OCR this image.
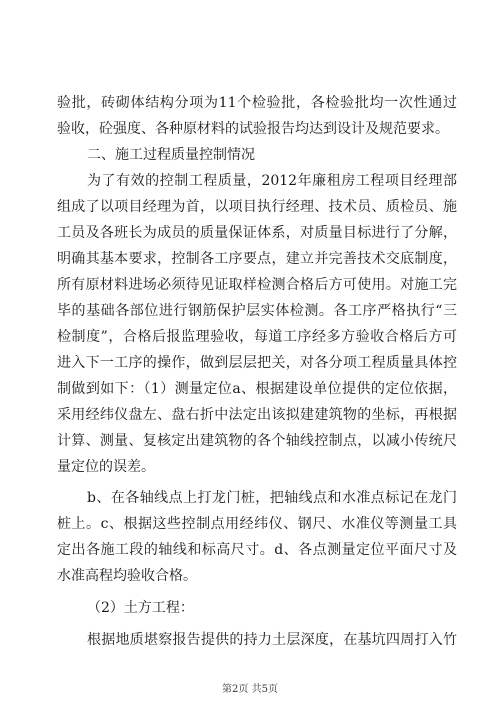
验批，砖砌体结构分项为11个检验批，各检验批均一次性通过
验收，砼强度、各种原材料的试验报告均达到设计及规范要求。
二、施工过程质量控制情况
为了有效的控制工程质量，2012年廉租房工程项目经理部
组成了以项目经理为首，以项目执行经理、技术员、质检员、施
工员及各班长为成员的质量保证体系，对质量目标进行了分解，
明确其基本要求，控制各工序要点，建立并完善技术交底制度，
所有原材料进场必须待见证取样检测合格后方可使用。对施工完
毕的基础各部位进行钢筋保护层实体检测。各工序严格执行“三
检制度”，合格后报监理验收，每道工序经多方验收合格后方可
进入下一工序的操作，做到层层把关，对各分项工程质量具体控
制做到如下：（1）测量定位a、根据建设单位提供的定位依据，
采用经纬仪盘左、盘右折中法定出该拟建建筑物的坐标，再根据
计算、测量、复核定出建筑物的各个轴线控制点，以减小传统尺
量定位的误差。
b、在各轴线点上打龙门桩，把轴线点和水准点标记在龙门
桩上。c、根据这些控制点用经纬仪、钢尺、水准仪等测量工具
定出各施工段的轴线和标高尺寸。d、各点测量定位平面尺寸及
水准高程均验收合格。
（2）土方工程：
根据地质堪察报告提供的持力土层深度，在基坑四周打入竹
第2页 共5页
